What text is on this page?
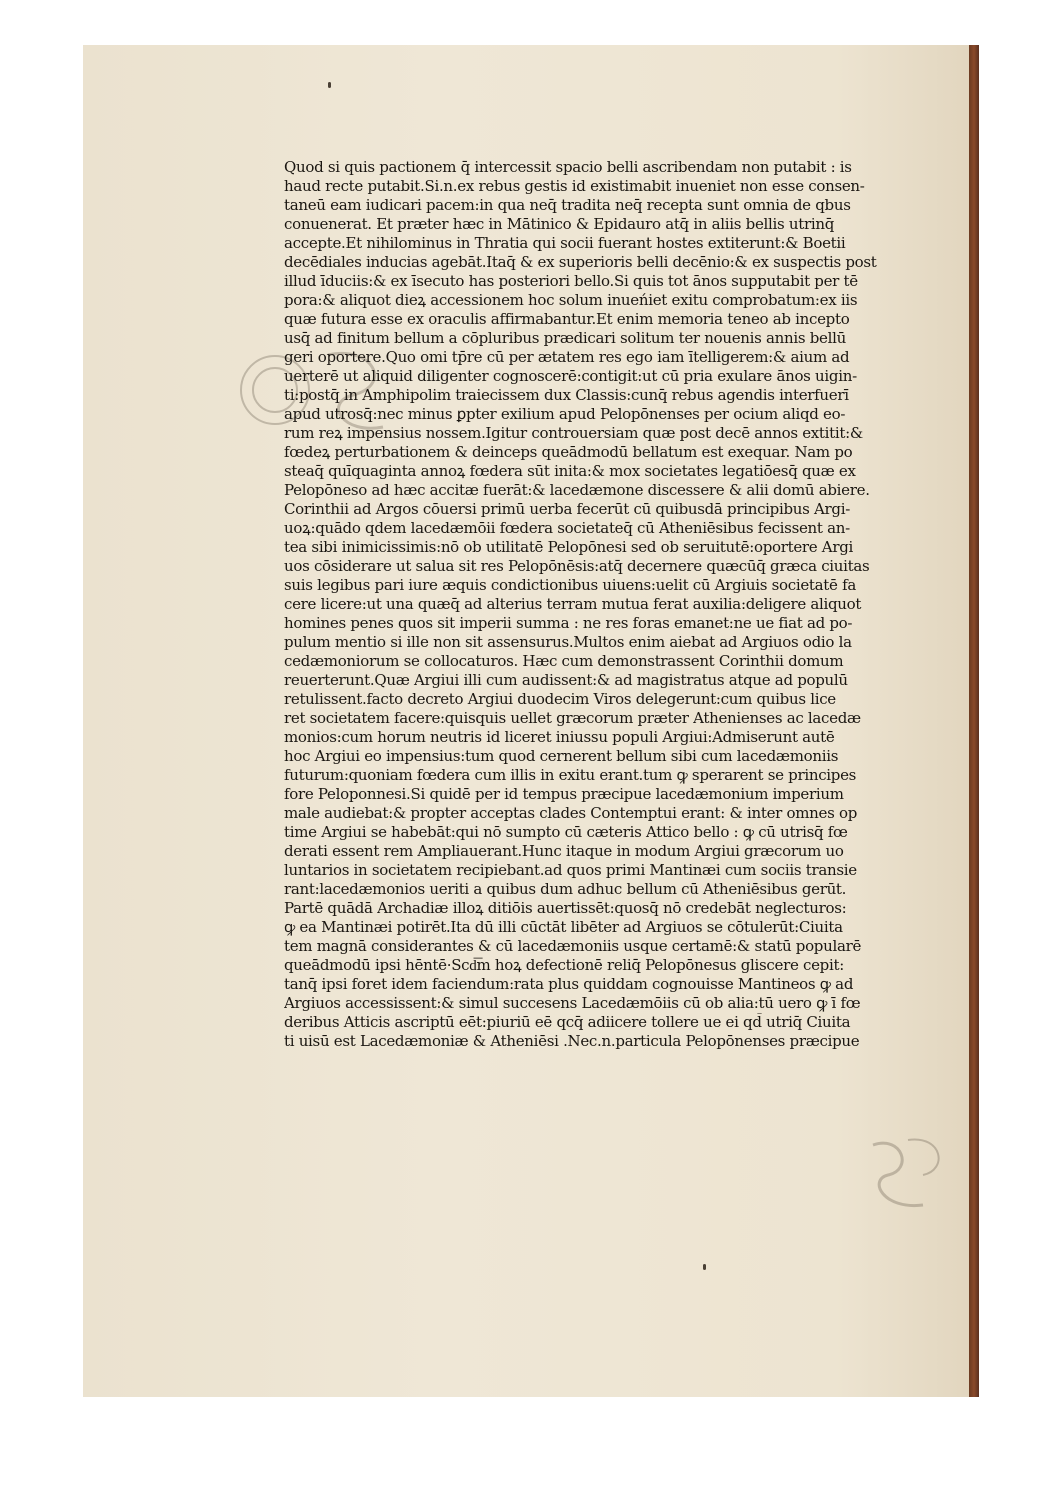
Quod si quis pactionem q̄ intercessit spacio belli ascribendam non putabit : is
haud recte putabit.Si.n.ex rebus gestis id existimabit inueniet non esse consen-
taneū eam iudicari pacem:in qua neq̄ tradita neq̄ recepta sunt omnia de qbus
conuenerat. Et præter hæc in Mātinico & Epidauro atq̄ in aliis bellis utrinq̄
accepte.Et nihilominus in Thratia qui socii fuerant hostes extiterunt:& Boetii
decēdiales inducias agebāt.Itaq̄ & ex superioris belli decēnio:& ex suspectis post
illud īduciis:& ex īsecuto has posteriori bello.Si quis tot ānos supputabit per tē
pora:& aliquot dieꝝ accessionem hoc solum inueńiet exitu comprobatum:ex iis
quæ futura esse ex oraculis affirmabantur.Et enim memoria teneo ab incepto
usq̄ ad finitum bellum a cōpluribus prædicari solitum ter nouenis annis bellū
geri oportere.Quo omi tp̄re cū per ætatem res ego iam ītelligerem:& aium ad
uerterē ut aliquid diligenter cognoscerē:contigit:ut cū pria exulare ānos uigin-
ti:postq̄ in Amphipolim traiecissem dux Classis:cunq̄ rebus agendis interfuerī
apud utrosq̄:nec minus ꝑpter exilium apud Pelopōnenses per ocium aliqd eo-
rum reꝝ impensius nossem.Igitur controuersiam quæ post decē annos extitit:&
fœdeꝝ perturbationem & deinceps queādmodū bellatum est exequar. Nam po
steaq̄ quīquaginta annoꝝ fœdera sūt inita:& mox societates legatiōesq̄ quæ ex
Pelopōneso ad hæc accitæ fuerāt:& lacedæmone discessere & alii domū abiere.
Corinthii ad Argos cōuersi primū uerba fecerūt cū quibusdā principibus Argi-
uoꝝ:quādo qdem lacedæmōii fœdera societateq̄ cū Atheniēsibus fecissent an-
tea sibi inimicissimis:nō ob utilitatē Pelopōnesi sed ob seruitutē:oportere Argi
uos cōsiderare ut salua sit res Pelopōnēsis:atq̄ decernere quæcūq̄ græca ciuitas
suis legibus pari iure æquis condictionibus uiuens:uelit cū Argiuis societatē fa
cere licere:ut una quæq̄ ad alterius terram mutua ferat auxilia:deligere aliquot
homines penes quos sit imperii summa : ne res foras emanet:ne ue fiat ad po-
pulum mentio si ille non sit assensurus.Multos enim aiebat ad Argiuos odio la
cedæmoniorum se collocaturos. Hæc cum demonstrassent Corinthii domum
reuerterunt.Quæ Argiui illi cum audissent:& ad magistratus atque ad populū
retulissent.facto decreto Argiui duodecim Viros delegerunt:cum quibus lice
ret societatem facere:quisquis uellet græcorum præter Athenienses ac lacedæ
monios:cum horum neutris id liceret iniussu populi Argiui:Admiserunt autē
hoc Argiui eo impensius:tum quod cernerent bellum sibi cum lacedæmoniis
futurum:quoniam fœdera cum illis in exitu erant.tum ꝙ sperarent se principes
fore Peloponnesi.Si quidē per id tempus præcipue lacedæmonium imperium
male audiebat:& propter acceptas clades Contemptui erant: & inter omnes op
time Argiui se habebāt:qui nō sumpto cū cæteris Attico bello : ꝙ cū utrisq̄ fœ
derati essent rem Ampliauerant.Hunc itaque in modum Argiui græcorum uo
luntarios in societatem recipiebant.ad quos primi Mantinæi cum sociis transie
rant:lacedæmonios ueriti a quibus dum adhuc bellum cū Atheniēsibus gerūt.
Partē quādā Archadiæ illoꝝ ditiōis auertissēt:quosq̄ nō credebāt neglecturos:
ꝙ ea Mantinæi potirēt.Ita dū illi cūctāt libēter ad Argiuos se cōtulerūt:Ciuita
tem magnā considerantes & cū lacedæmoniis usque certamē:& statū popularē
queādmodū ipsi hēntē·Scd͞m hoꝝ defectionē reliq̄ Pelopōnesus gliscere cepit:
tanq̄ ipsi foret idem faciendum:rata plus quiddam cognouisse Mantineos ꝙ ad
Argiuos accessissent:& simul succesens Lacedæmōiis cū ob alia:tū uero ꝙ ī fœ
deribus Atticis ascriptū eēt:piuriū eē qcq̄ adiicere tollere ue ei qd̄ utriq̄ Ciuita
ti uisū est Lacedæmoniæ & Atheniēsi .Nec.n.particula Pelopōnenses præcipue
